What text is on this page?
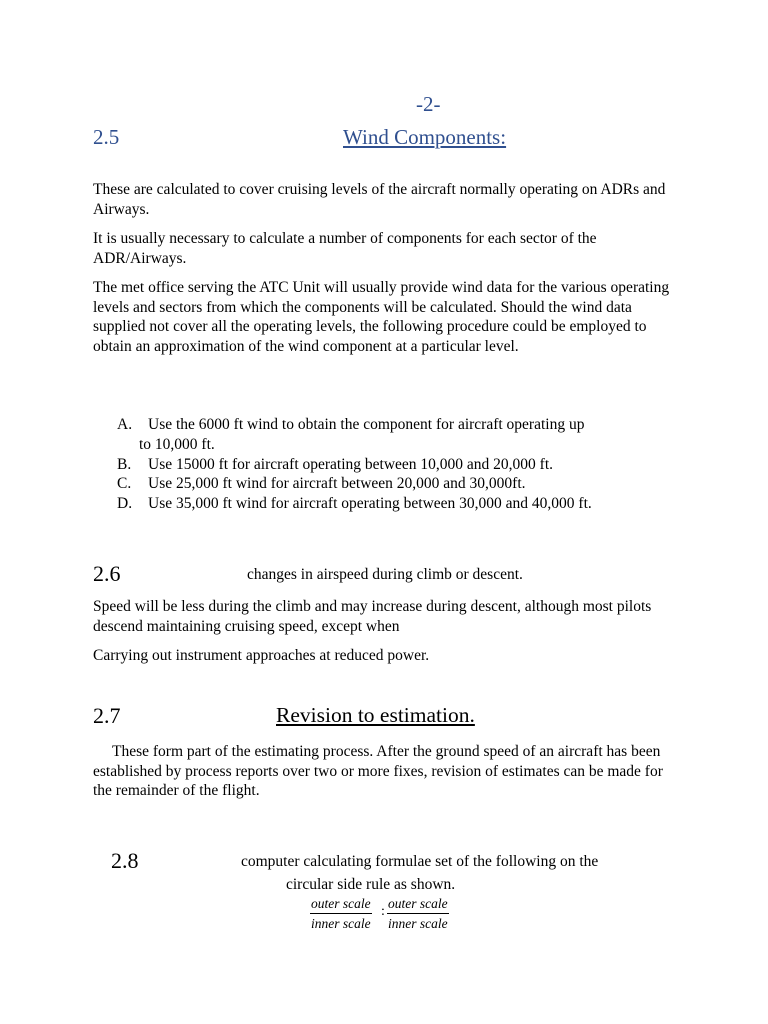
-2-
2.5	Wind Components:
These are calculated to cover cruising levels of the aircraft normally operating on ADRs and Airways.
It is usually necessary to calculate a number of components for each sector of the ADR/Airways.
The met office serving the ATC Unit will usually provide wind data for the various operating levels and sectors from which the components will be calculated. Should the wind data supplied not cover all the operating levels, the following procedure could be employed to obtain an approximation of the wind component at a particular level.
A. Use the 6000 ft wind to obtain the component for aircraft operating up
to 10,000 ft.
B. Use 15000 ft for aircraft operating between 10,000 and 20,000 ft.
C. Use 25,000 ft wind for aircraft between 20,000 and 30,000ft.
D. Use 35,000 ft wind for aircraft operating between 30,000 and 40,000 ft.
2.6	changes in airspeed during climb or descent.
Speed will be less during the climb and may increase during descent, although most pilots descend maintaining cruising speed, except when
Carrying out instrument approaches at reduced power.
2.7	Revision to estimation.
These form part of the estimating process. After the ground speed of an aircraft has been established by process reports over two or more fixes, revision of estimates can be made for the remainder of the flight.
2.8	computer calculating formulae set of the following on the
circular side rule as shown.
outer scale
inner scale
:
outer scale
inner scale
